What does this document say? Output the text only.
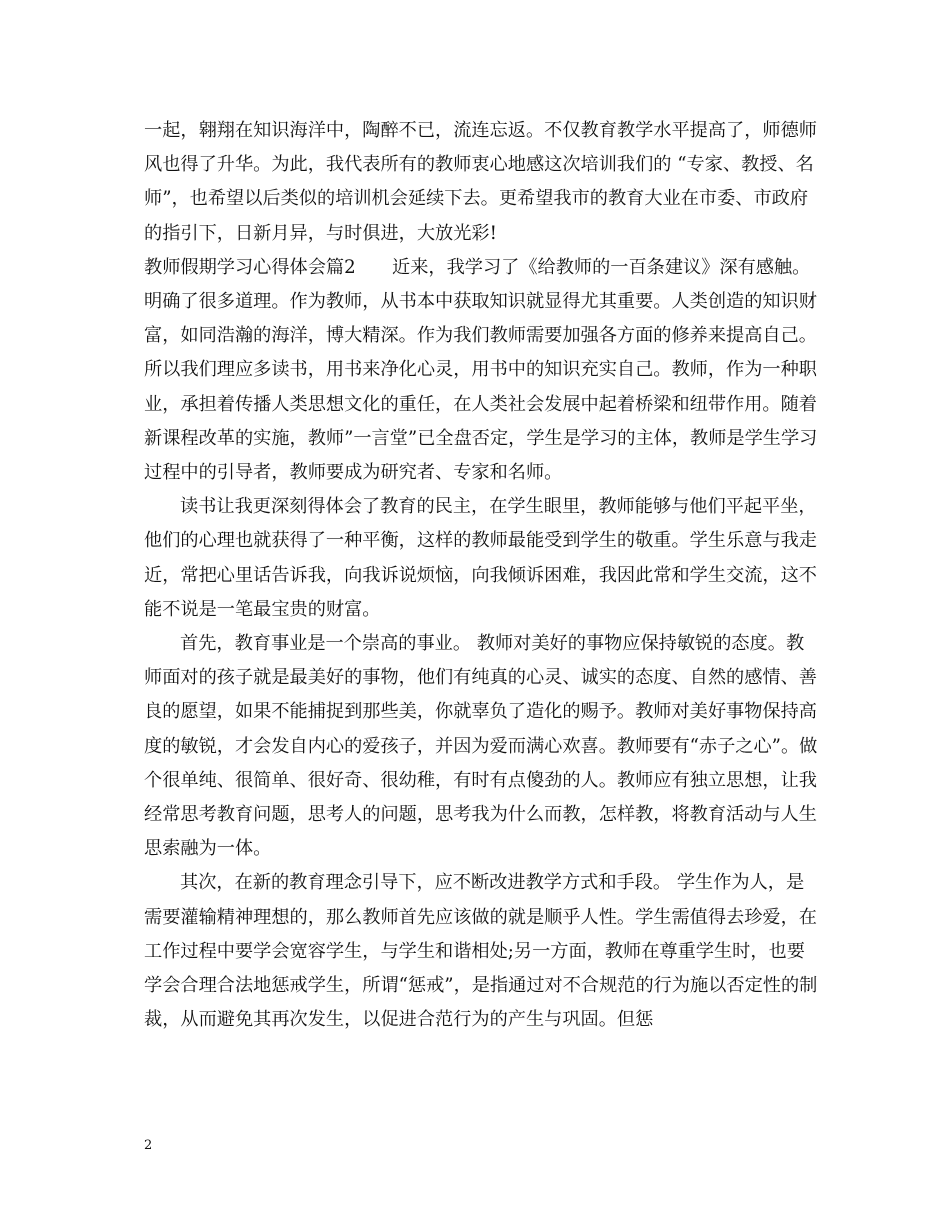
一起，翱翔在知识海洋中，陶醉不已，流连忘返。不仅教育教学水平提高了，师德师风也得了升华。为此，我代表所有的教师衷心地感这次培训我们的 “专家、教授、名师”，也希望以后类似的培训机会延续下去。更希望我市的教育大业在市委、市政府的指引下，日新月异，与时俱进，大放光彩!

教师假期学习心得体会篇2　　近来，我学习了《给教师的一百条建议》深有感触。明确了很多道理。作为教师，从书本中获取知识就显得尤其重要。人类创造的知识财富，如同浩瀚的海洋，博大精深。作为我们教师需要加强各方面的修养来提高自己。所以我们理应多读书，用书来净化心灵，用书中的知识充实自己。教师，作为一种职业，承担着传播人类思想文化的重任，在人类社会发展中起着桥梁和纽带作用。随着新课程改革的实施，教师”一言堂”已全盘否定，学生是学习的主体，教师是学生学习过程中的引导者，教师要成为研究者、专家和名师。

读书让我更深刻得体会了教育的民主，在学生眼里，教师能够与他们平起平坐，他们的心理也就获得了一种平衡，这样的教师最能受到学生的敬重。学生乐意与我走近，常把心里话告诉我，向我诉说烦恼，向我倾诉困难，我因此常和学生交流，这不能不说是一笔最宝贵的财富。

首先，教育事业是一个崇高的事业。 教师对美好的事物应保持敏锐的态度。教师面对的孩子就是最美好的事物，他们有纯真的心灵、诚实的态度、自然的感情、善良的愿望，如果不能捕捉到那些美，你就辜负了造化的赐予。教师对美好事物保持高度的敏锐，才会发自内心的爱孩子，并因为爱而满心欢喜。教师要有“赤子之心”。做个很单纯、很简单、很好奇、很幼稚，有时有点傻劲的人。教师应有独立思想，让我经常思考教育问题，思考人的问题，思考我为什么而教，怎样教，将教育活动与人生思索融为一体。

其次，在新的教育理念引导下，应不断改进教学方式和手段。 学生作为人，是需要灌输精神理想的，那么教师首先应该做的就是顺乎人性。学生需值得去珍爱，在工作过程中要学会宽容学生，与学生和谐相处;另一方面，教师在尊重学生时，也要学会合理合法地惩戒学生，所谓“惩戒”，是指通过对不合规范的行为施以否定性的制裁，从而避免其再次发生，以促进合范行为的产生与巩固。但惩

2
